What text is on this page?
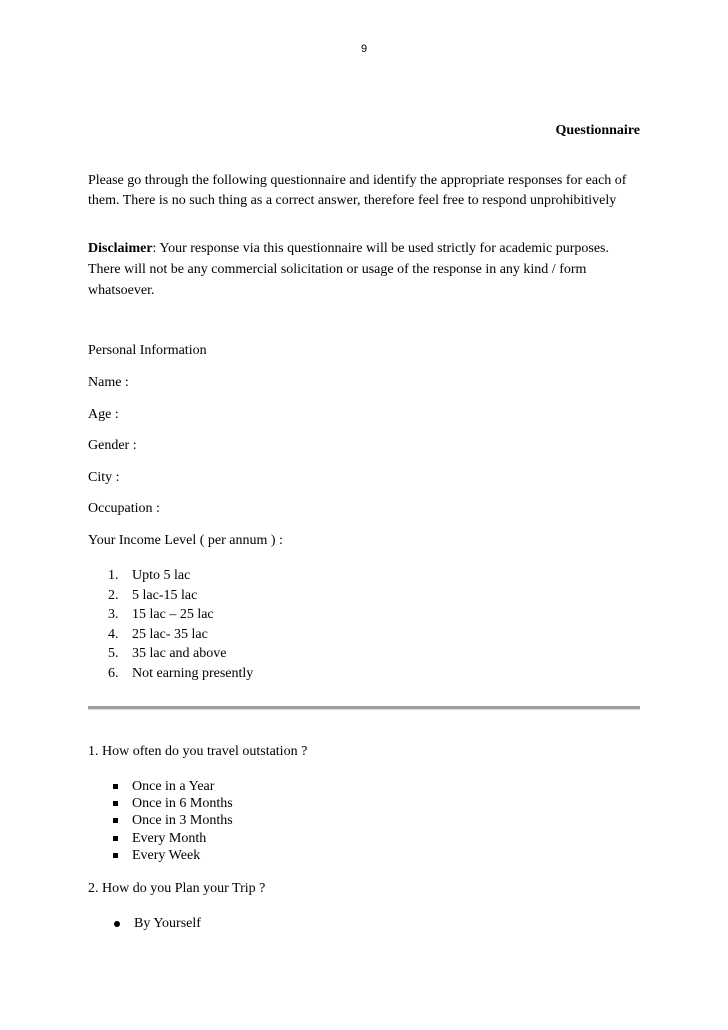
9
Questionnaire
Please go through the following questionnaire and identify the appropriate responses for each of them. There is no such thing as a correct answer, therefore feel free to respond unprohibitively
Disclaimer: Your response via this questionnaire will be used strictly for academic purposes. There will not be any commercial solicitation or usage of the response in any kind / form whatsoever.
Personal Information
Name :
Age :
Gender :
City :
Occupation :
Your Income Level ( per annum ) :
1. Upto 5 lac
2. 5 lac-15 lac
3. 15 lac – 25 lac
4. 25 lac- 35 lac
5. 35 lac and above
6. Not earning presently
1. How often do you travel outstation ?
Once in a Year
Once in 6 Months
Once in 3 Months
Every Month
Every Week
2. How do you Plan your Trip ?
By Yourself
